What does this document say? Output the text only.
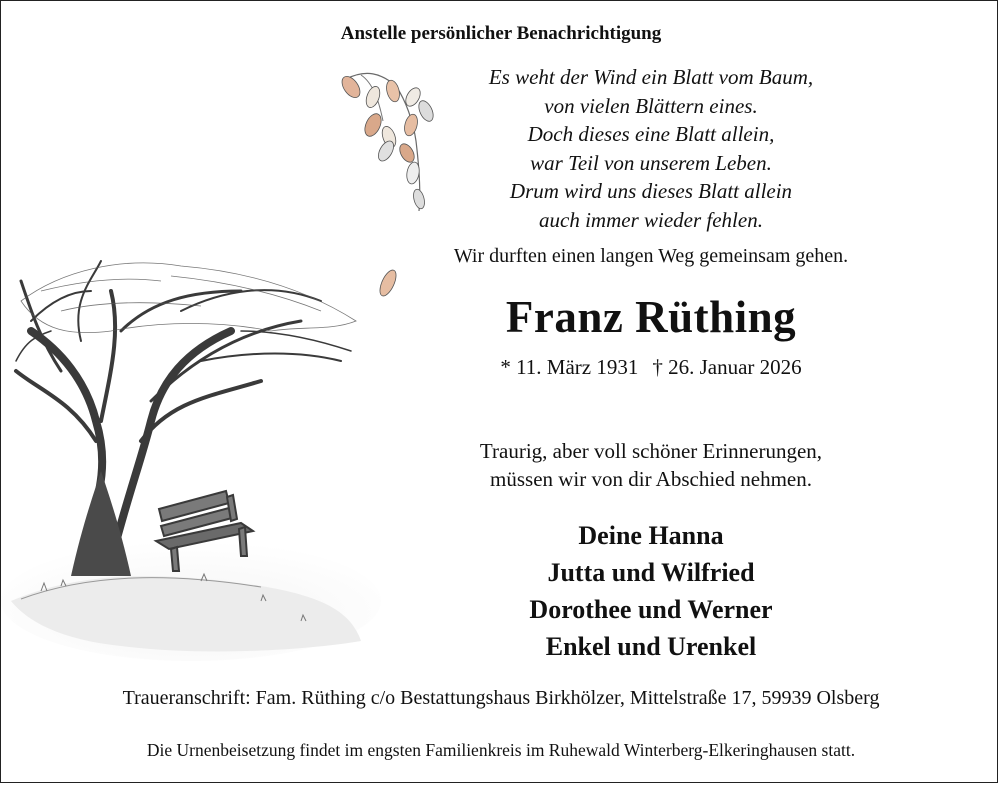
Anstelle persönlicher Benachrichtigung
Es weht der Wind ein Blatt vom Baum,
von vielen Blättern eines.
Doch dieses eine Blatt allein,
war Teil von unserem Leben.
Drum wird uns dieses Blatt allein
auch immer wieder fehlen.
Wir durften einen langen Weg gemeinsam gehen.
Franz Rüthing
* 11. März 1931 † 26. Januar 2026
Traurig, aber voll schöner Erinnerungen,
müssen wir von dir Abschied nehmen.
Deine Hanna
Jutta und Wilfried
Dorothee und Werner
Enkel und Urenkel
Traueranschrift: Fam. Rüthing c/o Bestattungshaus Birkhölzer, Mittelstraße 17, 59939 Olsberg
Die Urnenbeisetzung findet im engsten Familienkreis im Ruhewald Winterberg-Elkeringhausen statt.
